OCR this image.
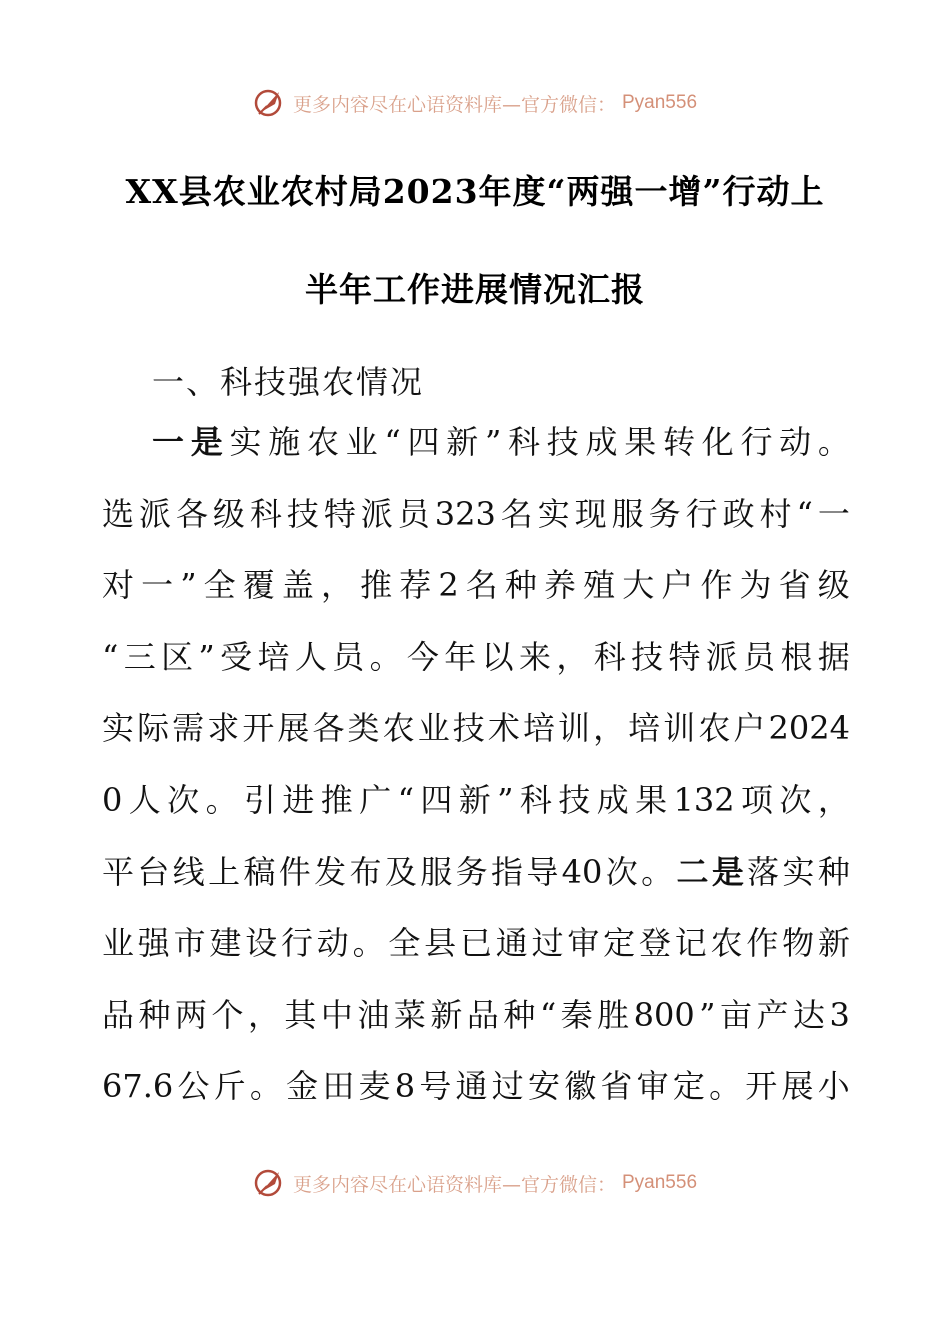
更多内容尽在心语资料库—官方微信： Pyan556
XX县农业农村局2023年度“两强一增”行动上
半年工作进展情况汇报
一、科技强农情况
一 是 实 施 农 业 “ 四 新 ” 科 技 成 果 转 化 行 动 。
选 派 各 级 科 技 特 派 员 323 名 实 现 服 务 行 政 村 “ 一
对 一 ” 全 覆 盖 ， 推 荐 2 名 种 养 殖 大 户 作 为 省 级
“ 三 区 ” 受 培 人 员 。 今 年 以 来 ， 科 技 特 派 员 根 据
实 际 需 求 开 展 各 类 农 业 技 术 培 训 ， 培 训 农 户 2024
0 人 次 。 引 进 推 广 “ 四 新 ” 科 技 成 果 132 项 次 ，
平 台 线 上 稿 件 发 布 及 服 务 指 导 40 次 。 二 是 落 实 种
业 强 市 建 设 行 动 。 全 县 已 通 过 审 定 登 记 农 作 物 新
品 种 两 个 ， 其 中 油 菜 新 品 种 “ 秦 胜 800 ” 亩 产 达 3
67.6 公 斤 。 金 田 麦 8 号 通 过 安 徽 省 审 定 。 开 展 小
更多内容尽在心语资料库—官方微信： Pyan556
